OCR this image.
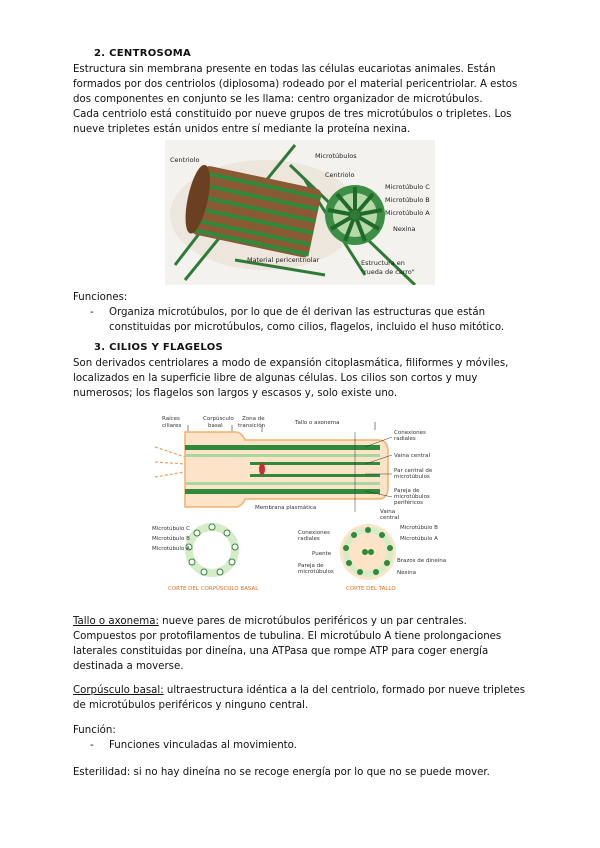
2. CENTROSOMA

Estructura sin membrana presente en todas las células eucariotas animales. Están

formados por dos centriolos (diplosoma) rodeado por el material pericentriolar. A estos

dos componentes en conjunto se les llama: centro organizador de microtúbulos.

Cada centriolo está constituido por nueve grupos de tres microtúbulos o tripletes. Los

nueve tripletes están unidos entre sí mediante la proteína nexina.

Centriolo	Microtúbulos
Centriolo
Microtúbulo C
Microtúbulo B
Microtúbulo A
Nexina
Material pericentriolar	Estructura en
"rueda de carro"
Funciones:
- Organiza microtúbulos, por lo que de él derivan las estructuras que están
constituidas por microtúbulos, como cilios, flagelos, incluido el huso mitótico.
3. CILIOS Y FLAGELOS

Son derivados centriolares a modo de expansión citoplasmática, filiformes y móviles,

localizados en la superficie libre de algunas células. Los cilios son cortos y muy

numerosos; los flagelos son largos y escasos y, solo existe uno.

Raíces
ciliares
Corpúsculo
basal
Zona de
transición	Tallo o axonema
Conexiones
radiales
Vaina central
Par central de
microtúbulos
Pareja de
microtúbulos
periféricos
Membrana plasmática
Vaina
central
Microtúbulo C
Microtúbulo B
Microtúbulo A
CORTE DEL CORPÚSCULO BASAL
Conexiones
radiales
Puente
Pareja de
microtúbulos
Microtúbulo B
Microtúbulo A
Brazos de dineína
Nexina
CORTE DEL TALLO

Tallo o axonema: nueve pares de microtúbulos periféricos y un par centrales.

Compuestos por protofilamentos de tubulina. El microtúbulo A tiene prolongaciones

laterales constituidas por dineína, una ATPasa que rompe ATP para coger energía

destinada a moverse.

Corpúsculo basal: ultraestructura idéntica a la del centriolo, formado por nueve tripletes

de microtúbulos periféricos y ninguno central.

Función:
- Funciones vinculadas al movimiento.
Esterilidad: si no hay dineína no se recoge energía por lo que no se puede mover.
